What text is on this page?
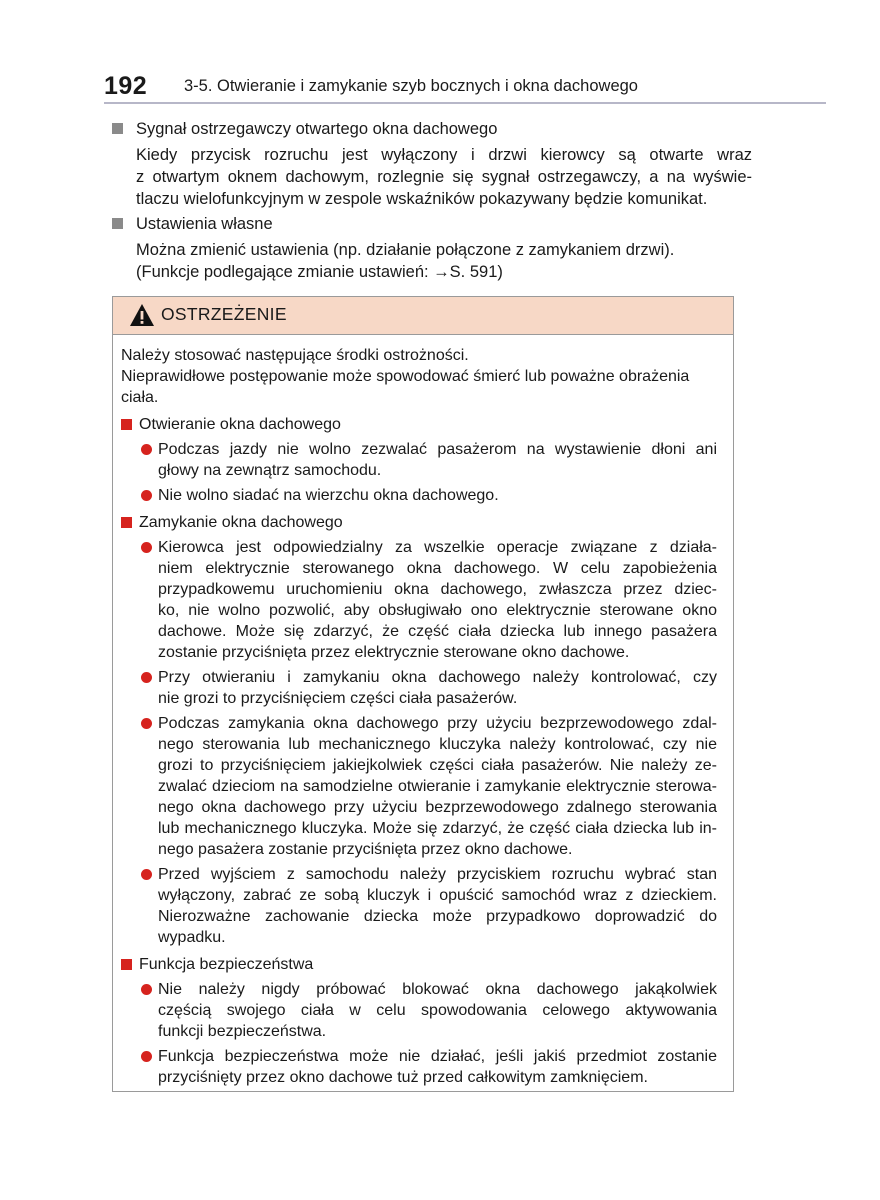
192 3-5. Otwieranie i zamykanie szyb bocznych i okna dachowego
Sygnał ostrzegawczy otwartego okna dachowego
Kiedy przycisk rozruchu jest wyłączony i drzwi kierowcy są otwarte wraz
z otwartym oknem dachowym, rozlegnie się sygnał ostrzegawczy, a na wyświe-
tlaczu wielofunkcyjnym w zespole wskaźników pokazywany będzie komunikat.
Ustawienia własne
Można zmienić ustawienia (np. działanie połączone z zamykaniem drzwi).
(Funkcje podlegające zmianie ustawień: →S. 591)
OSTRZEŻENIE
Należy stosować następujące środki ostrożności.
Nieprawidłowe postępowanie może spowodować śmierć lub poważne obrażenia
ciała.
Otwieranie okna dachowego
Podczas jazdy nie wolno zezwalać pasażerom na wystawienie dłoni ani
głowy na zewnątrz samochodu.
Nie wolno siadać na wierzchu okna dachowego.
Zamykanie okna dachowego
Kierowca jest odpowiedzialny za wszelkie operacje związane z działa-
niem elektrycznie sterowanego okna dachowego. W celu zapobieżenia
przypadkowemu uruchomieniu okna dachowego, zwłaszcza przez dziec-
ko, nie wolno pozwolić, aby obsługiwało ono elektrycznie sterowane okno
dachowe. Może się zdarzyć, że część ciała dziecka lub innego pasażera
zostanie przyciśnięta przez elektrycznie sterowane okno dachowe.
Przy otwieraniu i zamykaniu okna dachowego należy kontrolować, czy
nie grozi to przyciśnięciem części ciała pasażerów.
Podczas zamykania okna dachowego przy użyciu bezprzewodowego zdal-
nego sterowania lub mechanicznego kluczyka należy kontrolować, czy nie
grozi to przyciśnięciem jakiejkolwiek części ciała pasażerów. Nie należy ze-
zwalać dzieciom na samodzielne otwieranie i zamykanie elektrycznie sterowa-
nego okna dachowego przy użyciu bezprzewodowego zdalnego sterowania
lub mechanicznego kluczyka. Może się zdarzyć, że część ciała dziecka lub in-
nego pasażera zostanie przyciśnięta przez okno dachowe.
Przed wyjściem z samochodu należy przyciskiem rozruchu wybrać stan
wyłączony, zabrać ze sobą kluczyk i opuścić samochód wraz z dzieckiem.
Nierozważne zachowanie dziecka może przypadkowo doprowadzić do
wypadku.
Funkcja bezpieczeństwa
Nie należy nigdy próbować blokować okna dachowego jakąkolwiek
częścią swojego ciała w celu spowodowania celowego aktywowania
funkcji bezpieczeństwa.
Funkcja bezpieczeństwa może nie działać, jeśli jakiś przedmiot zostanie
przyciśnięty przez okno dachowe tuż przed całkowitym zamknięciem.
